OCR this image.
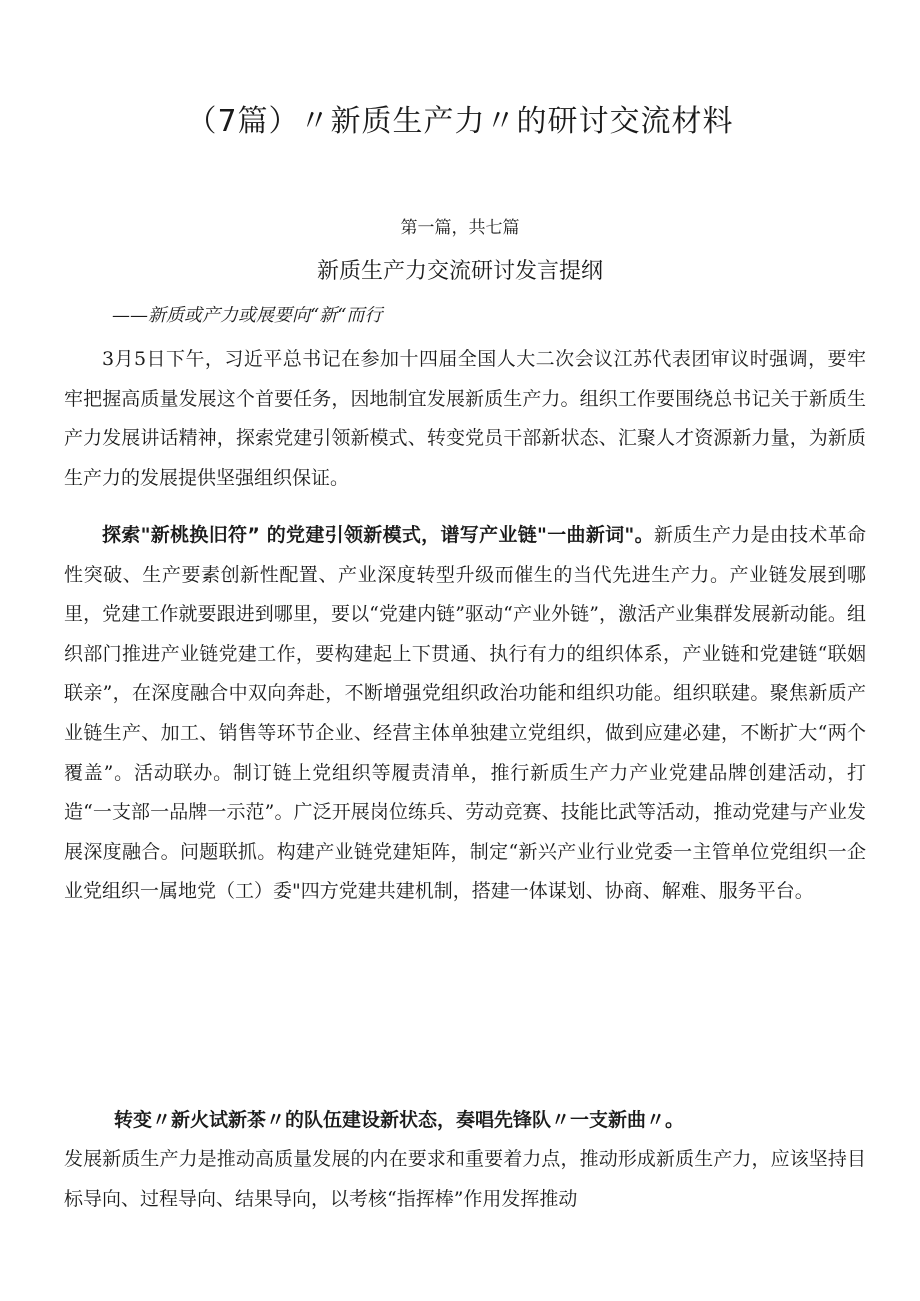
（7篇）〃新质生产力〃的研讨交流材料
第一篇，共七篇
新质生产力交流研讨发言提纲
——新质或产力或展要向“新“而行

3月5日下午，习近平总书记在参加十四届全国人大二次会议江苏代表团审议时强调，要牢牢把握高质量发展这个首要任务，因地制宜发展新质生产力。组织工作要围绕总书记关于新质生产力发展讲话精神，探索党建引领新模式、转变党员干部新状态、汇聚人才资源新力量，为新质生产力的发展提供坚强组织保证。

探索"新桃换旧符” 的党建引领新模式，谱写产业链"一曲新词"。新质生产力是由技术革命性突破、生产要素创新性配置、产业深度转型升级而催生的当代先进生产力。产业链发展到哪里，党建工作就要跟进到哪里，要以“党建内链”驱动“产业外链”，激活产业集群发展新动能。组织部门推进产业链党建工作，要构建起上下贯通、执行有力的组织体系，产业链和党建链“联姻联亲”，在深度融合中双向奔赴，不断增强党组织政治功能和组织功能。组织联建。聚焦新质产业链生产、加工、销售等环节企业、经营主体单独建立党组织，做到应建必建，不断扩大“两个覆盖”。活动联办。制订链上党组织等履责清单，推行新质生产力产业党建品牌创建活动，打造“一支部一品牌一示范”。广泛开展岗位练兵、劳动竞赛、技能比武等活动，推动党建与产业发展深度融合。问题联抓。构建产业链党建矩阵，制定“新兴产业行业党委一主管单位党组织一企业党组织一属地党（工）委"四方党建共建机制，搭建一体谋划、协商、解难、服务平台。

转变〃新火试新茶〃的队伍建设新状态，奏唱先锋队〃一支新曲〃。

发展新质生产力是推动高质量发展的内在要求和重要着力点，推动形成新质生产力，应该坚持目标导向、过程导向、结果导向，以考核“指挥棒”作用发挥推动
